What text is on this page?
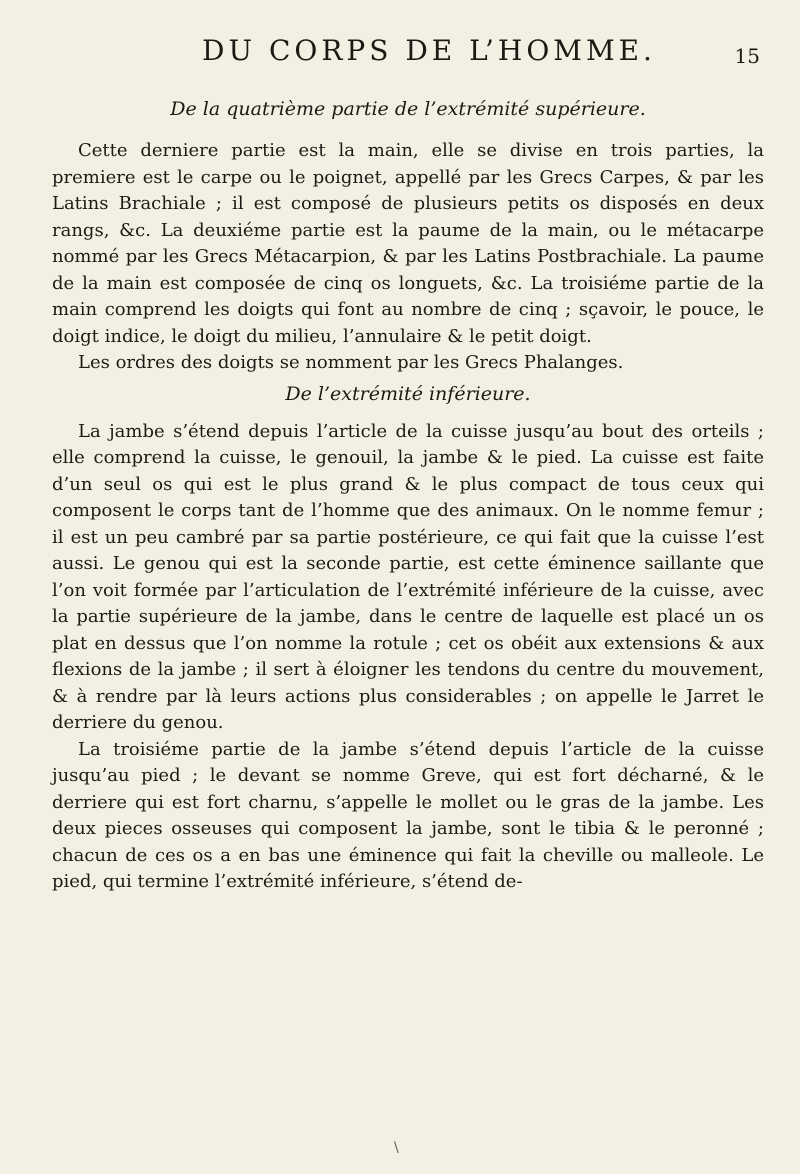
DU CORPS DE L’HOMME.	15
De la quatrième partie de l’extrémité supérieure.

Cette derniere partie est la main, elle se divise en trois parties, la premiere est le carpe ou le poignet, appellé par les Grecs Carpes, & par les Latins Brachiale ; il est composé de plusieurs petits os disposés en deux rangs, &c. La deuxiéme partie est la paume de la main, ou le métacarpe nommé par les Grecs Métacarpion, & par les Latins Postbrachiale. La paume de la main est composée de cinq os longuets, &c. La troisiéme partie de la main comprend les doigts qui font au nombre de cinq ; sçavoir, le pouce, le doigt indice, le doigt du milieu, l’annulaire & le petit doigt.

Les ordres des doigts se nomment par les Grecs Phalanges.

De l’extrémité inférieure.

La jambe s’étend depuis l’article de la cuisse jusqu’au bout des orteils ; elle comprend la cuisse, le genouil, la jambe & le pied. La cuisse est faite d’un seul os qui est le plus grand & le plus compact de tous ceux qui composent le corps tant de l’homme que des animaux. On le nomme femur ; il est un peu cambré par sa partie postérieure, ce qui fait que la cuisse l’est aussi. Le genou qui est la seconde partie, est cette éminence saillante que l’on voit formée par l’articulation de l’extrémité inférieure de la cuisse, avec la partie supérieure de la jambe, dans le centre de laquelle est placé un os plat en dessus que l’on nomme la rotule ; cet os obéit aux extensions & aux flexions de la jambe ; il sert à éloigner les tendons du centre du mouvement, & à rendre par là leurs actions plus considerables ; on appelle le Jarret le derriere du genou.

La troisiéme partie de la jambe s’étend depuis l’article de la cuisse jusqu’au pied ; le devant se nomme Greve, qui est fort décharné, & le derriere qui est fort charnu, s’appelle le mollet ou le gras de la jambe. Les deux pieces osseuses qui composent la jambe, sont le tibia & le peronné ; chacun de ces os a en bas une éminence qui fait la cheville ou malleole. Le pied, qui termine l’extrémité inférieure, s’étend de-

\
